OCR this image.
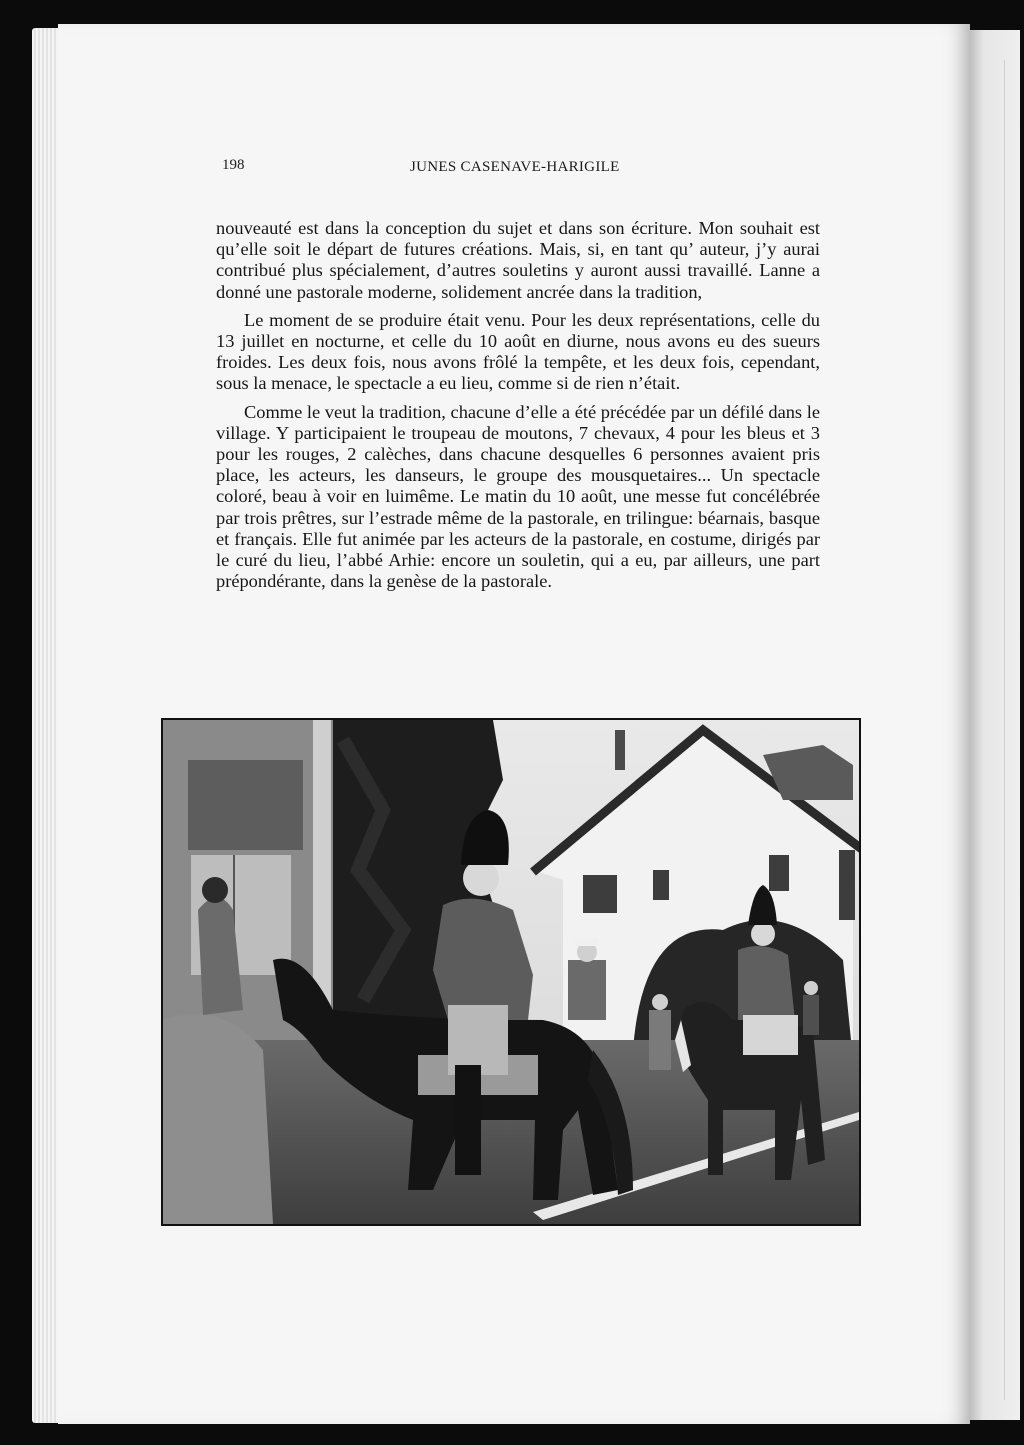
198	JUNES CASENAVE-HARIGILE

nouveauté est dans la conception du sujet et dans son écriture. Mon souhait est qu’elle soit le départ de futures créations. Mais, si, en tant qu’ auteur, j’y aurai contribué plus spécialement, d’autres souletins y auront aussi travaillé. Lanne a donné une pastorale moderne, solidement ancrée dans la tradition,

Le moment de se produire était venu. Pour les deux représentations, celle du 13 juillet en nocturne, et celle du 10 août en diurne, nous avons eu des sueurs froides. Les deux fois, nous avons frôlé la tempête, et les deux fois, cependant, sous la menace, le spectacle a eu lieu, comme si de rien n’était.

Comme le veut la tradition, chacune d’elle a été précédée par un défilé dans le village. Y participaient le troupeau de moutons, 7 chevaux, 4 pour les bleus et 3 pour les rouges, 2 calèches, dans chacune desquelles 6 personnes avaient pris place, les acteurs, les danseurs, le groupe des mousquetaires... Un spectacle coloré, beau à voir en luimême. Le matin du 10 août, une messe fut concélébrée par trois prêtres, sur l’estrade même de la pastorale, en trilingue: béarnais, basque et français. Elle fut animée par les acteurs de la pastorale, en costume, dirigés par le curé du lieu, l’abbé Arhie: encore un souletin, qui a eu, par ailleurs, une part prépondérante, dans la genèse de la pastorale.
